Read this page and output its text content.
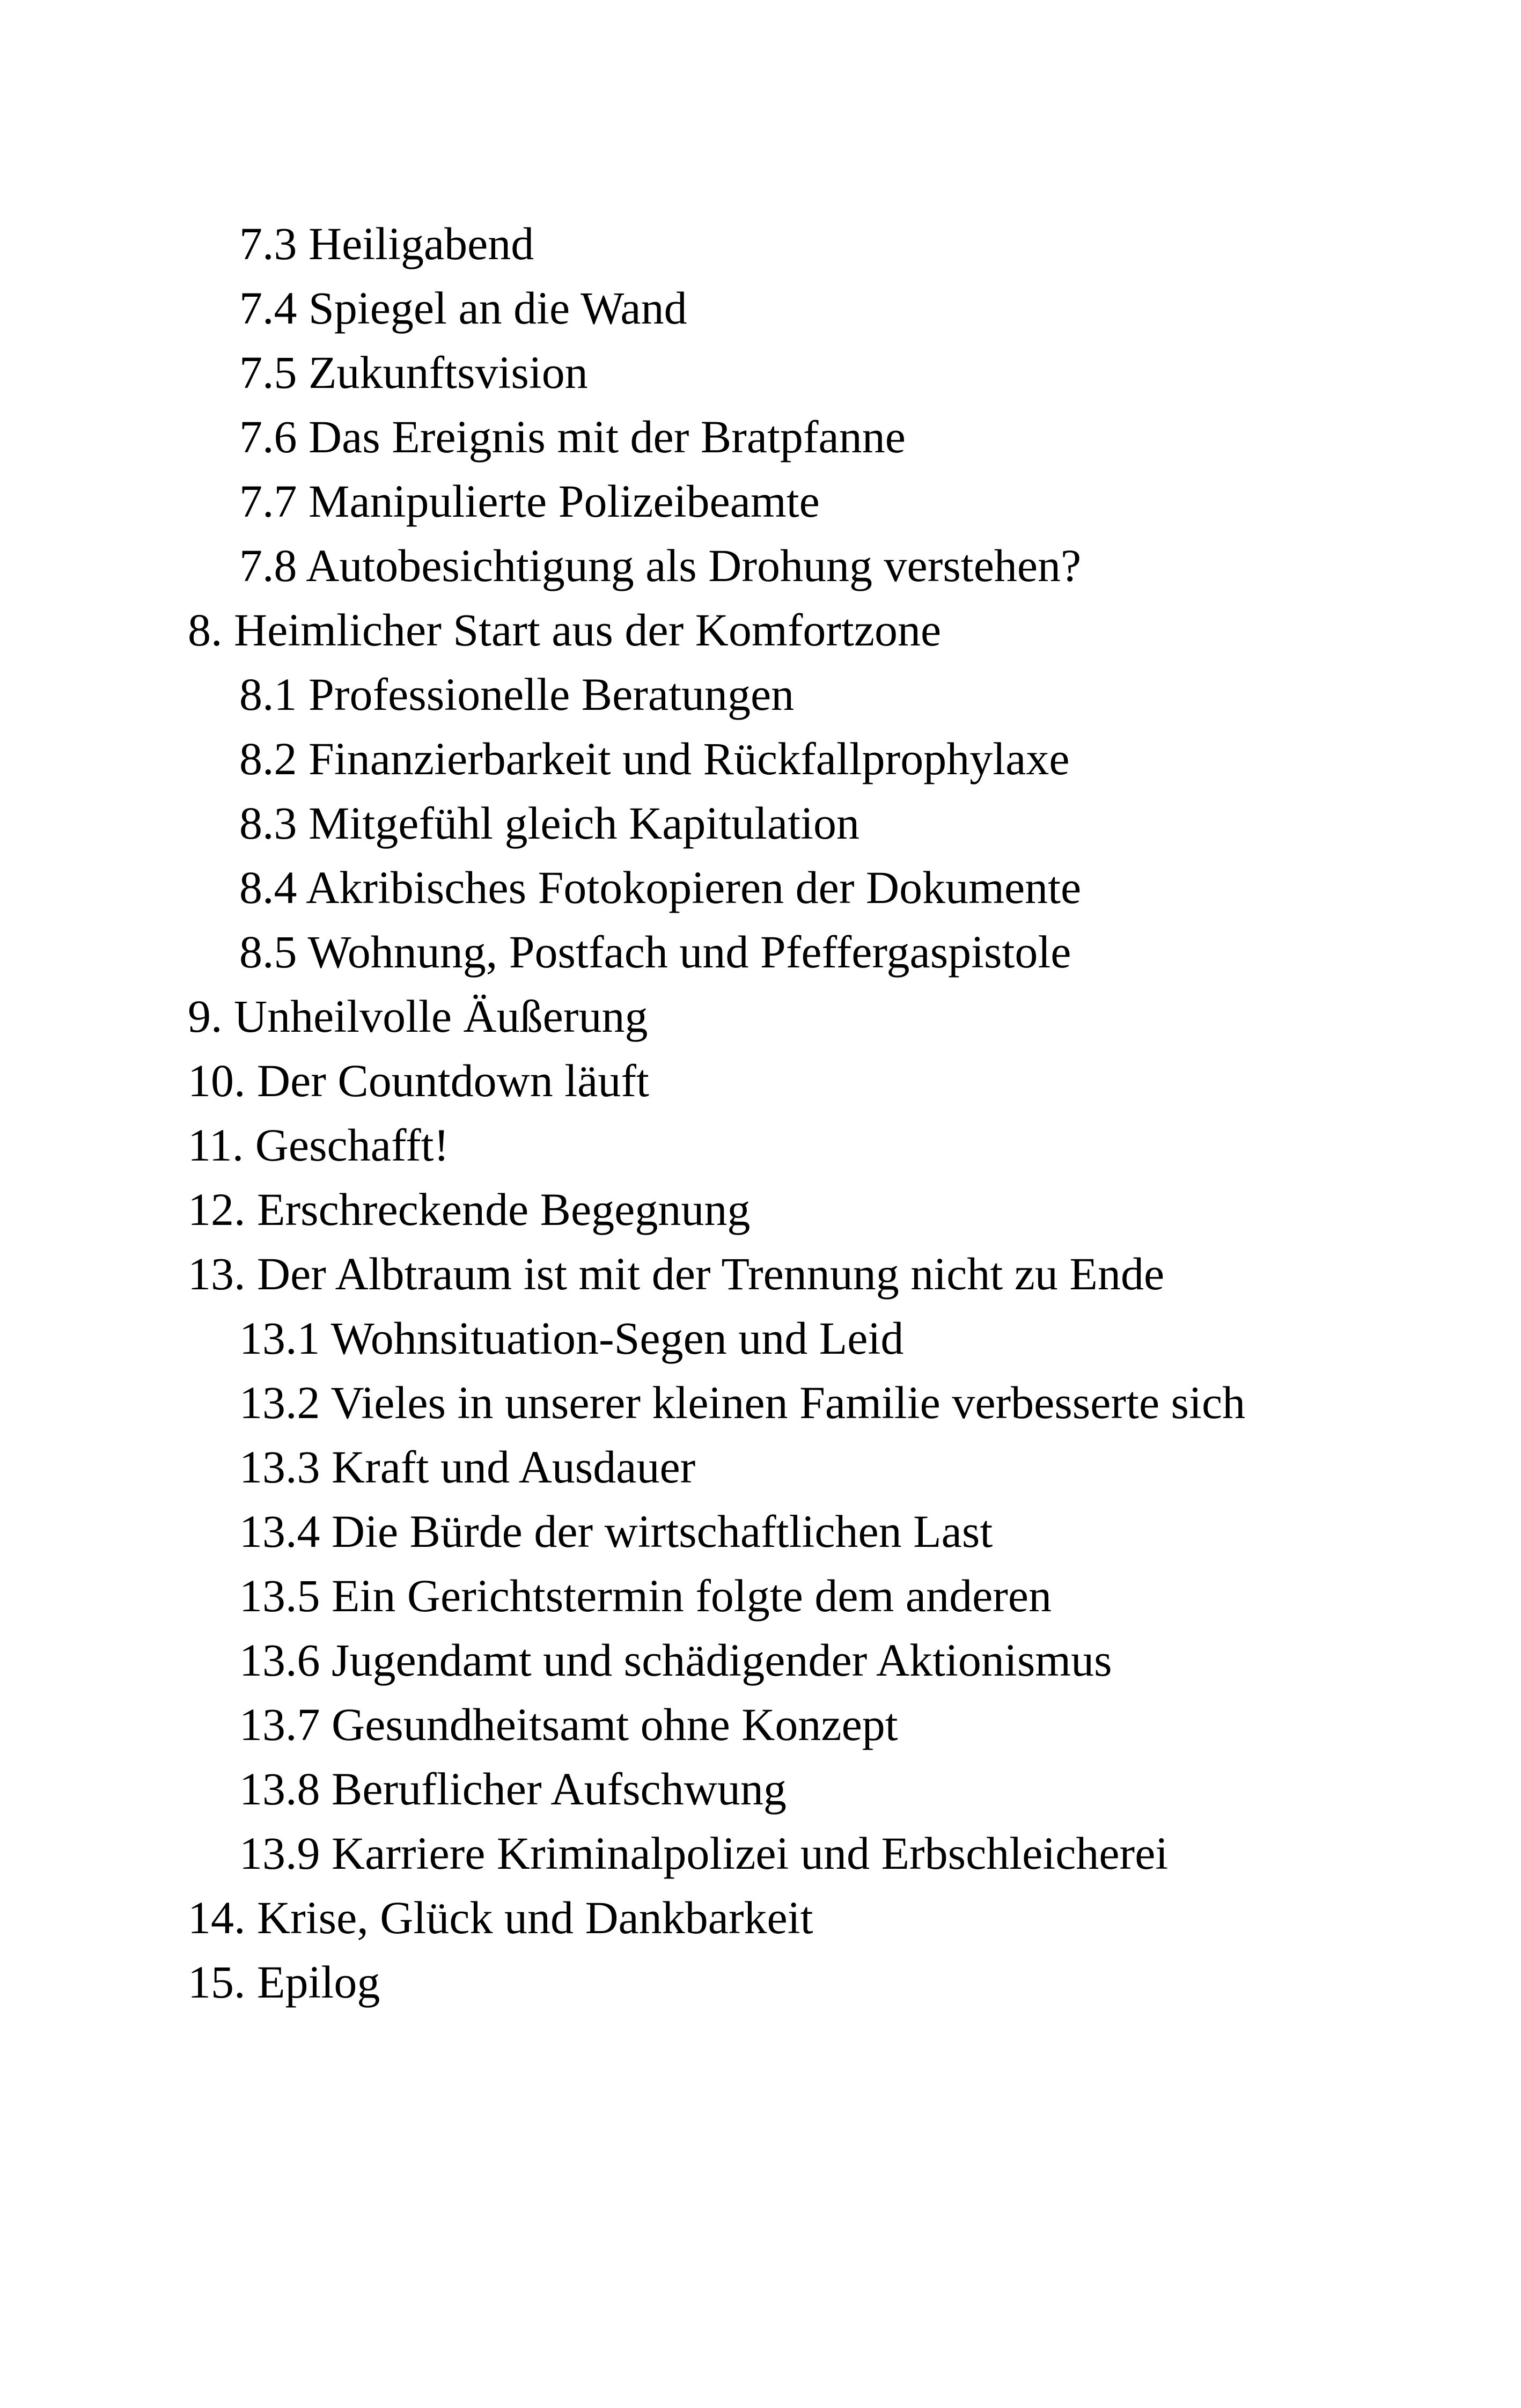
7.3 Heiligabend
7.4 Spiegel an die Wand
7.5 Zukunftsvision
7.6 Das Ereignis mit der Bratpfanne
7.7 Manipulierte Polizeibeamte
7.8 Autobesichtigung als Drohung verstehen?
8. Heimlicher Start aus der Komfortzone
8.1 Professionelle Beratungen
8.2 Finanzierbarkeit und Rückfallprophylaxe
8.3 Mitgefühl gleich Kapitulation
8.4 Akribisches Fotokopieren der Dokumente
8.5 Wohnung, Postfach und Pfeffergaspistole
9. Unheilvolle Äußerung
10. Der Countdown läuft
11. Geschafft!
12. Erschreckende Begegnung
13. Der Albtraum ist mit der Trennung nicht zu Ende
13.1 Wohnsituation-Segen und Leid
13.2 Vieles in unserer kleinen Familie verbesserte sich
13.3 Kraft und Ausdauer
13.4 Die Bürde der wirtschaftlichen Last
13.5 Ein Gerichtstermin folgte dem anderen
13.6 Jugendamt und schädigender Aktionismus
13.7 Gesundheitsamt ohne Konzept
13.8 Beruflicher Aufschwung
13.9 Karriere Kriminalpolizei und Erbschleicherei
14. Krise, Glück und Dankbarkeit
15. Epilog
